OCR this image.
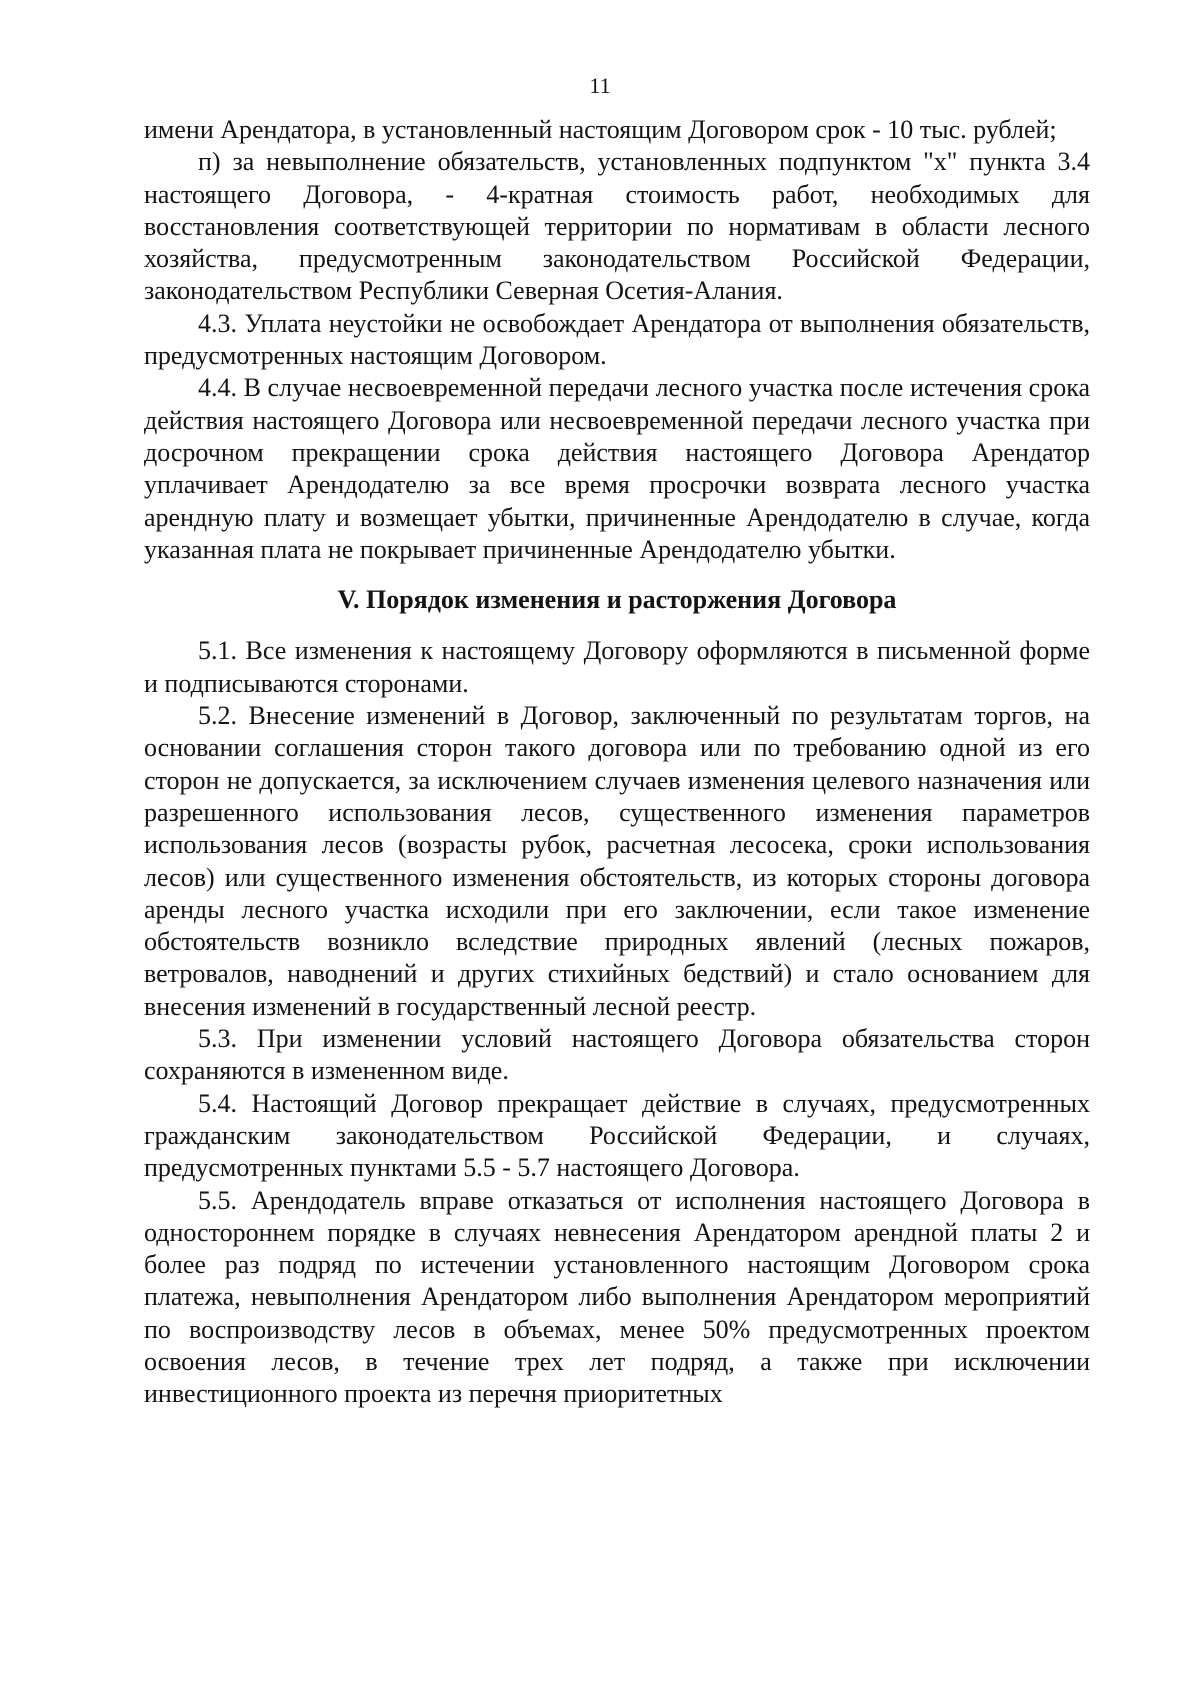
11

имени Арендатора, в установленный настоящим Договором срок - 10 тыс. рублей;

п) за невыполнение обязательств, установленных подпунктом "х" пункта 3.4 настоящего Договора, - 4-кратная стоимость работ, необходимых для восстановления соответствующей территории по нормативам в области лесного хозяйства, предусмотренным законодательством Российской Федерации, законодательством Республики Северная Осетия-Алания.

4.3. Уплата неустойки не освобождает Арендатора от выполнения обязательств, предусмотренных настоящим Договором.

4.4. В случае несвоевременной передачи лесного участка после истечения срока действия настоящего Договора или несвоевременной передачи лесного участка при досрочном прекращении срока действия настоящего Договора Арендатор уплачивает Арендодателю за все время просрочки возврата лесного участка арендную плату и возмещает убытки, причиненные Арендодателю в случае, когда указанная плата не покрывает причиненные Арендодателю убытки.

V. Порядок изменения и расторжения Договора

5.1. Все изменения к настоящему Договору оформляются в письменной форме и подписываются сторонами.

5.2. Внесение изменений в Договор, заключенный по результатам торгов, на основании соглашения сторон такого договора или по требованию одной из его сторон не допускается, за исключением случаев изменения целевого назначения или разрешенного использования лесов, существенного изменения параметров использования лесов (возрасты рубок, расчетная лесосека, сроки использования лесов) или существенного изменения обстоятельств, из которых стороны договора аренды лесного участка исходили при его заключении, если такое изменение обстоятельств возникло вследствие природных явлений (лесных пожаров, ветровалов, наводнений и других стихийных бедствий) и стало основанием для внесения изменений в государственный лесной реестр.

5.3. При изменении условий настоящего Договора обязательства сторон сохраняются в измененном виде.

5.4. Настоящий Договор прекращает действие в случаях, предусмотренных гражданским законодательством Российской Федерации, и случаях, предусмотренных пунктами 5.5 - 5.7 настоящего Договора.

5.5. Арендодатель вправе отказаться от исполнения настоящего Договора в одностороннем порядке в случаях невнесения Арендатором арендной платы 2 и более раз подряд по истечении установленного настоящим Договором срока платежа, невыполнения Арендатором либо выполнения Арендатором мероприятий по воспроизводству лесов в объемах, менее 50% предусмотренных проектом освоения лесов, в течение трех лет подряд, а также при исключении инвестиционного проекта из перечня приоритетных
